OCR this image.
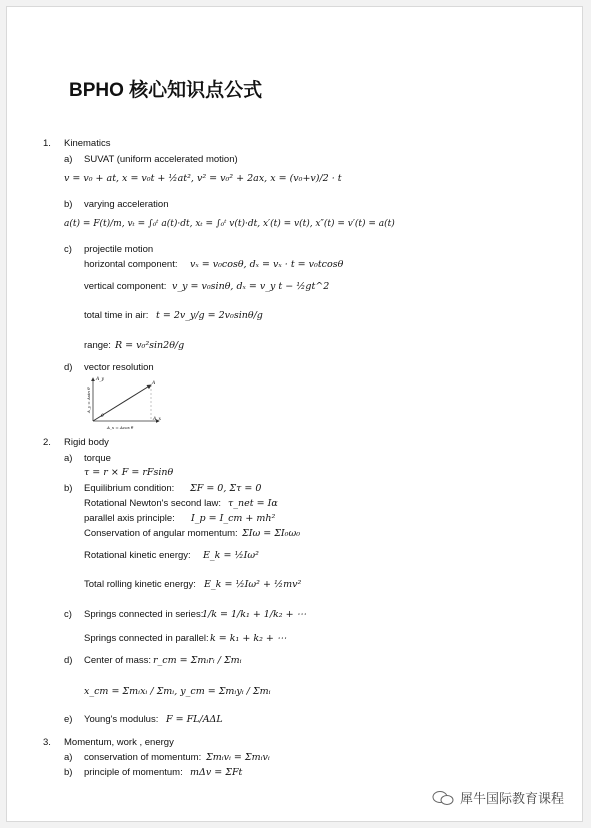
BPHO 核心知识点公式
1. Kinematics
a) SUVAT (uniform accelerated motion)
v = v₀ + at, x = v₀t + ½at², v² = v₀² + 2ax, x = (v₀+v)/2 · t
b) varying acceleration
a(t) = F(t)/m, vₜ = ∫₀ᵗ a(t)·dt, xₜ = ∫₀ᵗ v(t)·dt, x′(t) = v(t), x″(t) = v′(t) = a(t)
c) projectile motion
horizontal component: vₓ = v₀cosθ, dₓ = vₓ · t = v₀tcosθ
vertical component: v_y = v₀sinθ, dₓ = v_y t − ½gt^2
total time in air: t = 2v_y/g = 2v₀sinθ/g
range: R = v₀²sin2θ/g
d) vector resolution
A_y
A_x
A
θ
A_y = Asin θ
A_x = Acos θ
2. Rigid body
a) torque
τ = r × F = rFsinθ
b) Equilibrium condition: ΣF = 0, Στ = 0
Rotational Newton's second law: τ_net = Iα
parallel axis principle: I_p = I_cm + mh²
Conservation of angular momentum: ΣIω = ΣI₀ω₀
Rotational kinetic energy: E_k = ½Iω²
Total rolling kinetic energy: E_k = ½Iω² + ½mv²
c) Springs connected in series:
1/k = 1/k₁ + 1/k₂ + ⋯
Springs connected in parallel: k = k₁ + k₂ + ⋯
d) Center of mass: r_cm = Σmᵢrᵢ / Σmᵢ
x_cm = Σmᵢxᵢ / Σmᵢ, y_cm = Σmᵢyᵢ / Σmᵢ
e) Young's modulus: F = FL/AΔL
3. Momentum, work , energy
a) conservation of momentum: Σmᵢvᵢ = Σmᵢvᵢ
b) principle of momentum: mΔv = ΣFt
犀牛国际教育课程
